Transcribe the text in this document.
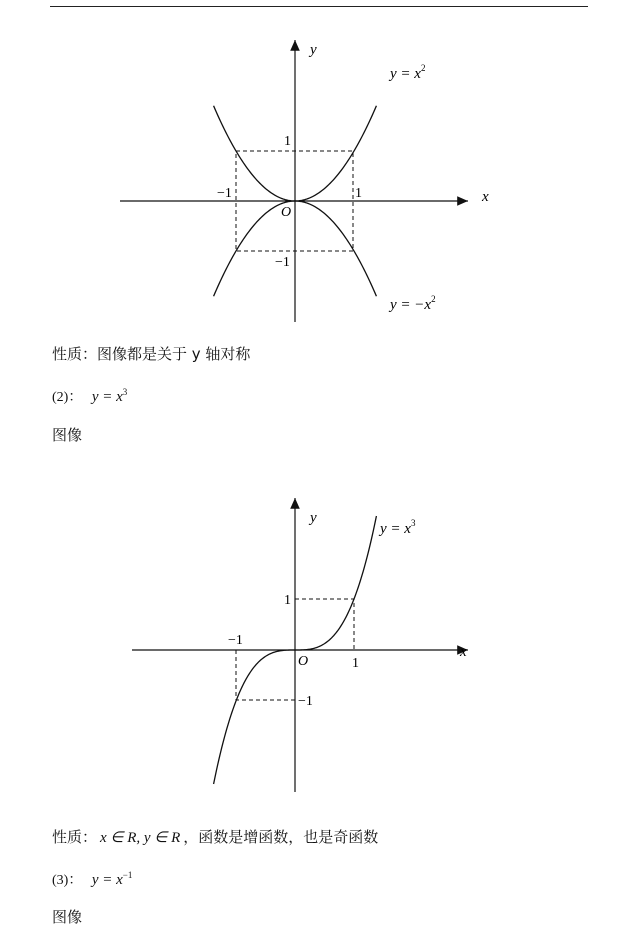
x
y
O
1
1
−1
−1
$y = x^2$
$y = -x^2$
性质：图像都是关于 y 轴对称
(2)： $y = x^3$
图像
x
y
O
1
1
−1
−1
$y = x^3$
性质： x ∈ R, y ∈ R ，函数是增函数，也是奇函数
(3)： $y = x^{-1}$
图像
